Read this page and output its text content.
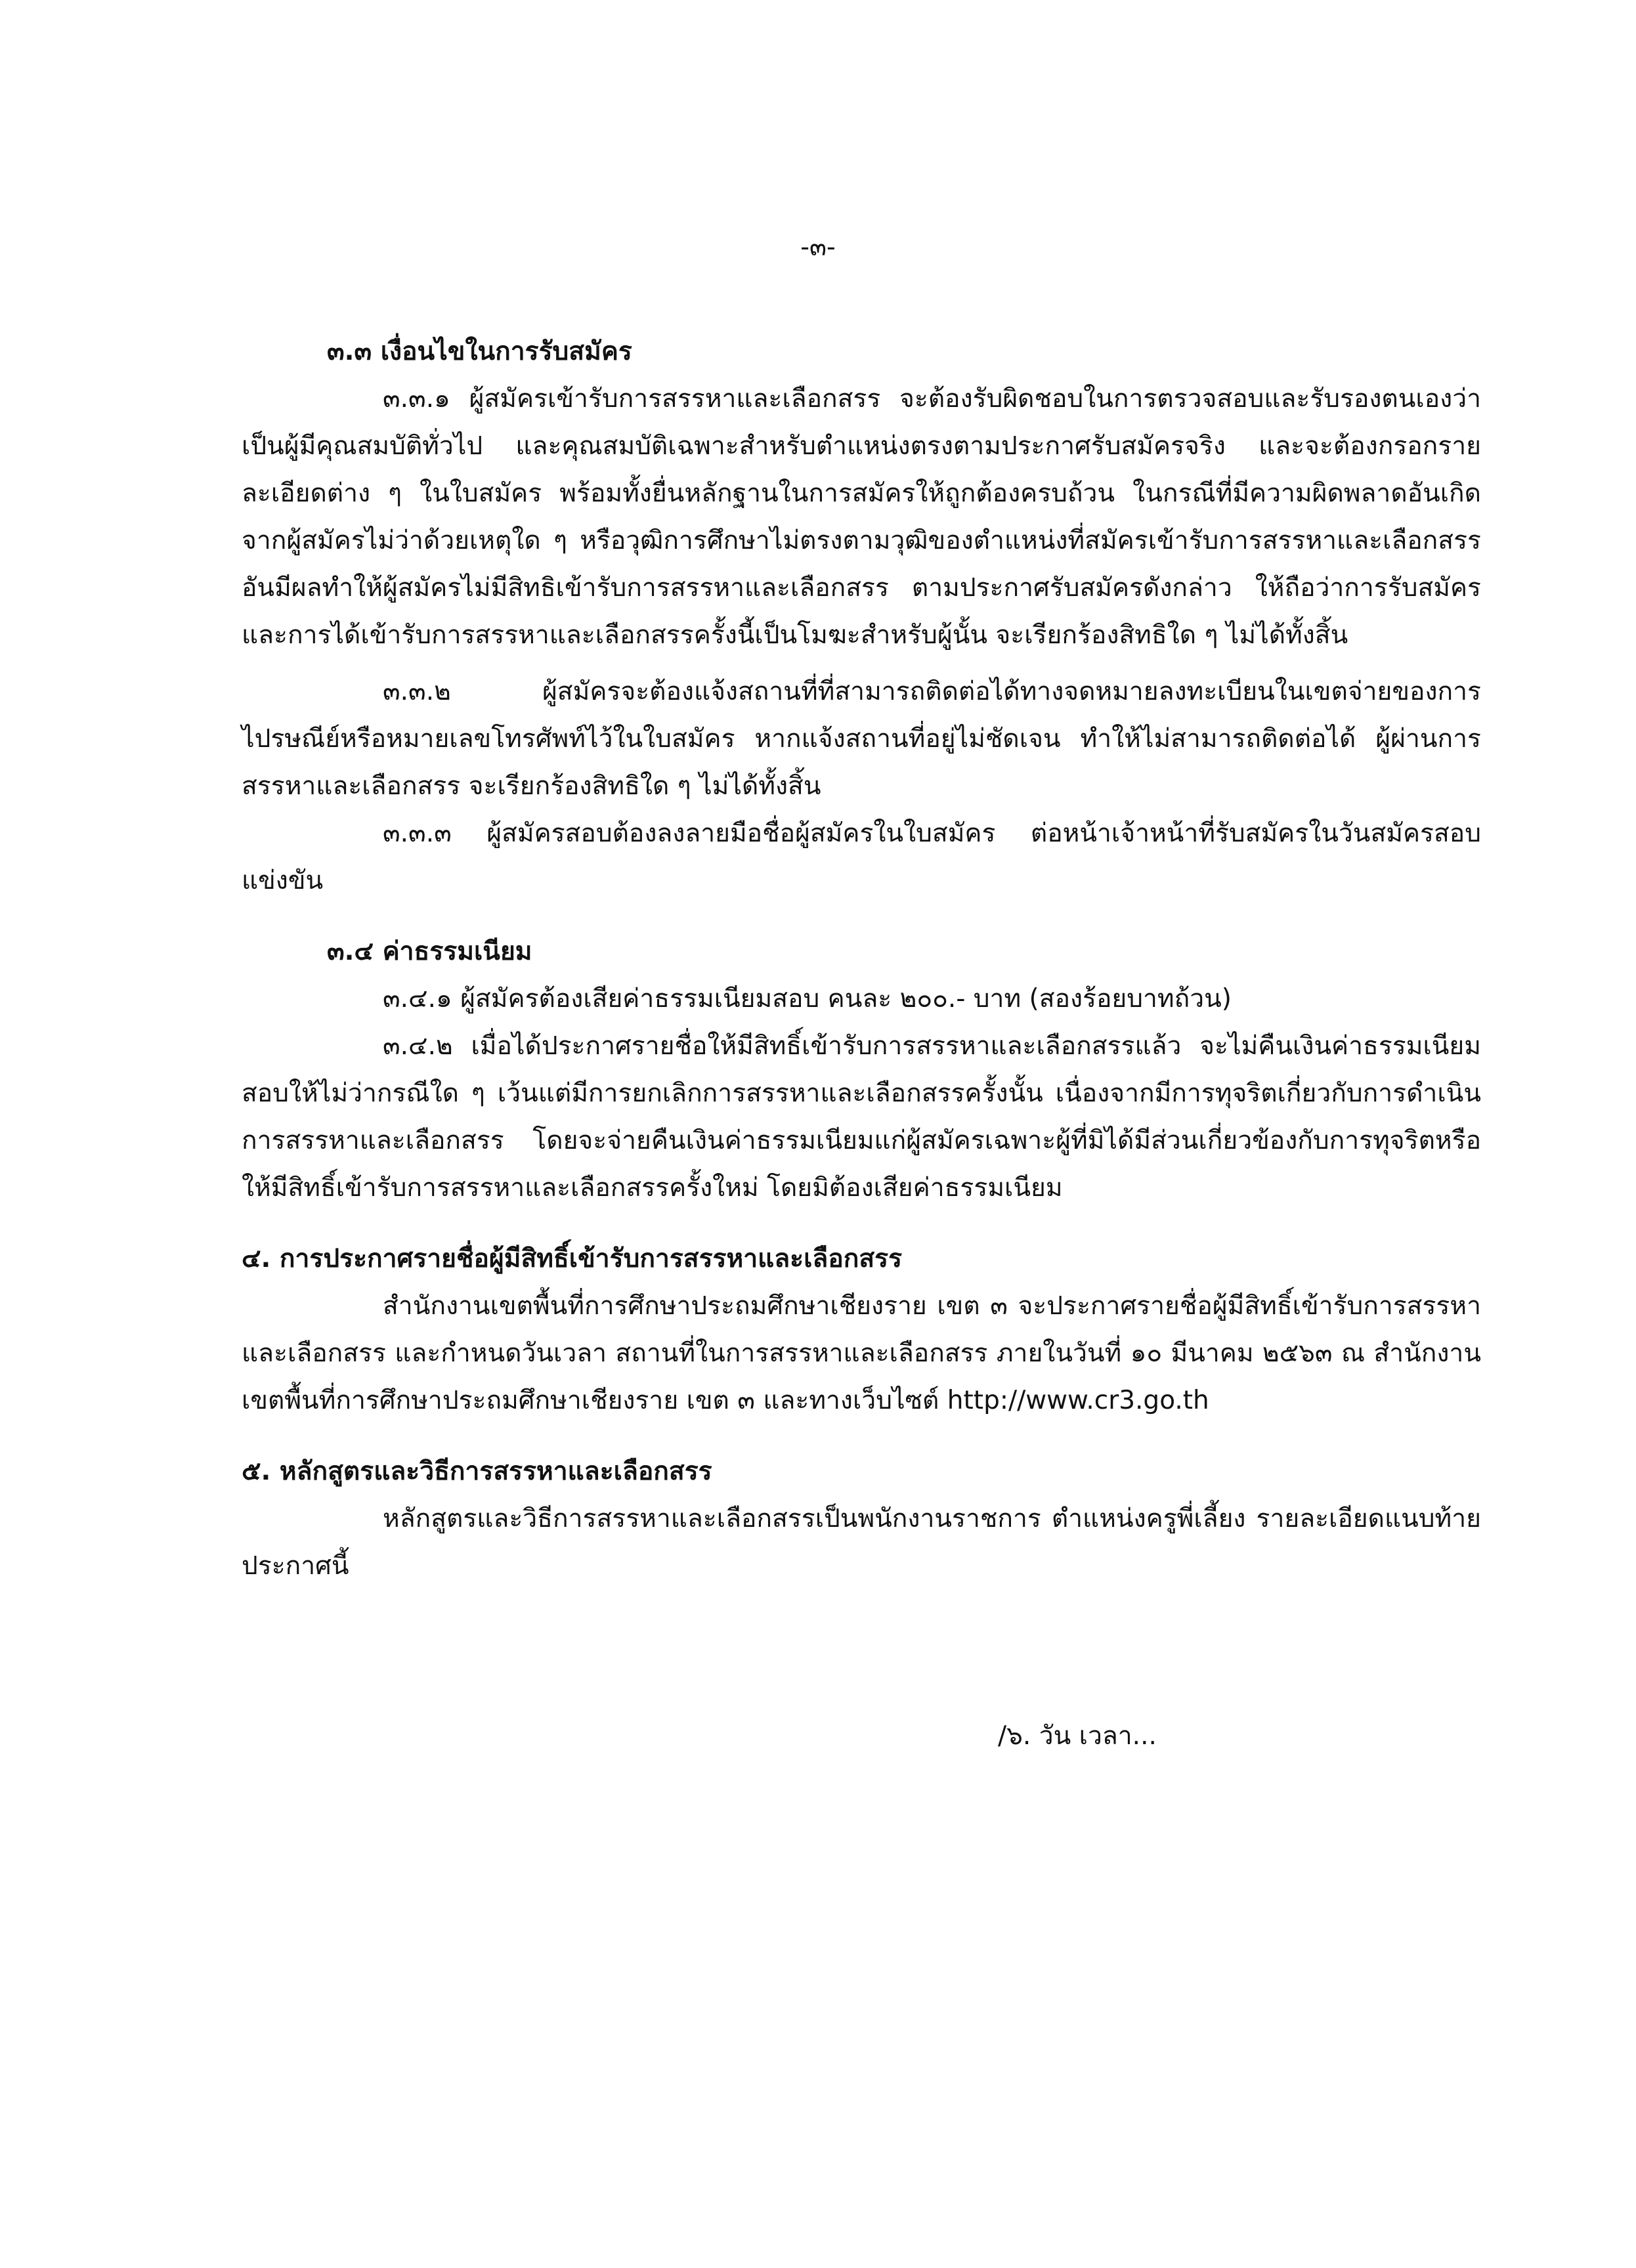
-๓-

๓.๓ เงื่อนไขในการรับสมัคร

๓.๓.๑ ผู้สมัครเข้ารับการสรรหาและเลือกสรร จะต้องรับผิดชอบในการตรวจสอบและรับรองตนเองว่าเป็นผู้มีคุณสมบัติทั่วไป และคุณสมบัติเฉพาะสำหรับตำแหน่งตรงตามประกาศรับสมัครจริง และจะต้องกรอกรายละเอียดต่าง ๆ ในใบสมัคร พร้อมทั้งยื่นหลักฐานในการสมัครให้ถูกต้องครบถ้วน ในกรณีที่มีความผิดพลาดอันเกิดจากผู้สมัครไม่ว่าด้วยเหตุใด ๆ หรือวุฒิการศึกษาไม่ตรงตามวุฒิของตำแหน่งที่สมัครเข้ารับการสรรหาและเลือกสรร อันมีผลทำให้ผู้สมัครไม่มีสิทธิเข้ารับการสรรหาและเลือกสรร ตามประกาศรับสมัครดังกล่าว ให้ถือว่าการรับสมัครและการได้เข้ารับการสรรหาและเลือกสรรครั้งนี้เป็นโมฆะสำหรับผู้นั้น จะเรียกร้องสิทธิใด ๆ ไม่ได้ทั้งสิ้น

๓.๓.๒ ผู้สมัครจะต้องแจ้งสถานที่ที่สามารถติดต่อได้ทางจดหมายลงทะเบียนในเขตจ่ายของการไปรษณีย์หรือหมายเลขโทรศัพท์ไว้ในใบสมัคร หากแจ้งสถานที่อยู่ไม่ชัดเจน ทำให้ไม่สามารถติดต่อได้ ผู้ผ่านการสรรหาและเลือกสรร จะเรียกร้องสิทธิใด ๆ ไม่ได้ทั้งสิ้น

๓.๓.๓ ผู้สมัครสอบต้องลงลายมือชื่อผู้สมัครในใบสมัคร ต่อหน้าเจ้าหน้าที่รับสมัครในวันสมัครสอบแข่งขัน

๓.๔ ค่าธรรมเนียม

๓.๔.๑ ผู้สมัครต้องเสียค่าธรรมเนียมสอบ คนละ ๒๐๐.- บาท (สองร้อยบาทถ้วน)

๓.๔.๒ เมื่อได้ประกาศรายชื่อให้มีสิทธิ์เข้ารับการสรรหาและเลือกสรรแล้ว จะไม่คืนเงินค่าธรรมเนียมสอบให้ไม่ว่ากรณีใด ๆ เว้นแต่มีการยกเลิกการสรรหาและเลือกสรรครั้งนั้น เนื่องจากมีการทุจริตเกี่ยวกับการดำเนินการสรรหาและเลือกสรร โดยจะจ่ายคืนเงินค่าธรรมเนียมแก่ผู้สมัครเฉพาะผู้ที่มิได้มีส่วนเกี่ยวข้องกับการทุจริตหรือให้มีสิทธิ์เข้ารับการสรรหาและเลือกสรรครั้งใหม่ โดยมิต้องเสียค่าธรรมเนียม

๔. การประกาศรายชื่อผู้มีสิทธิ์เข้ารับการสรรหาและเลือกสรร

สำนักงานเขตพื้นที่การศึกษาประถมศึกษาเชียงราย เขต ๓ จะประกาศรายชื่อผู้มีสิทธิ์เข้ารับการสรรหาและเลือกสรร และกำหนดวันเวลา สถานที่ในการสรรหาและเลือกสรร ภายในวันที่ ๑๐ มีนาคม ๒๕๖๓ ณ สำนักงานเขตพื้นที่การศึกษาประถมศึกษาเชียงราย เขต ๓ และทางเว็บไซต์ http://www.cr3.go.th

๕. หลักสูตรและวิธีการสรรหาและเลือกสรร

หลักสูตรและวิธีการสรรหาและเลือกสรรเป็นพนักงานราชการ ตำแหน่งครูพี่เลี้ยง รายละเอียดแนบท้ายประกาศนี้

/๖. วัน เวลา...
